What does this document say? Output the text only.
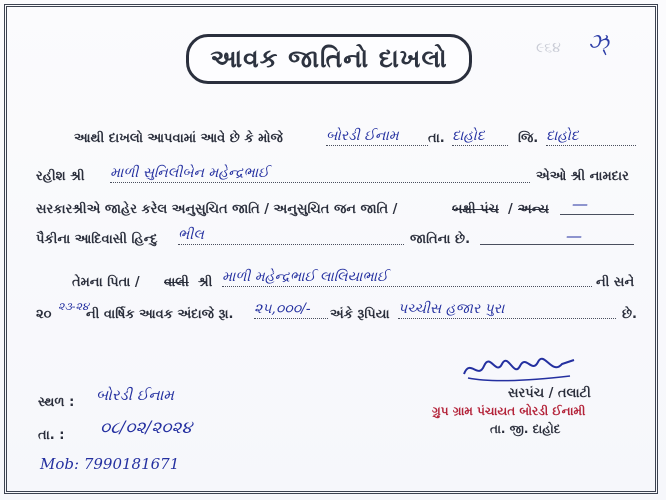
૯૬૪ ઝ્
આવક જાતિનો દાખલો
આથી દાખલો આપવામાં આવે છે કે મોજે	બોરડી ઈનામ	તા. દાહોદ	જિ. દાહોદ
રહીશ શ્રી માળી સુનિલીબેન મહેન્દ્રભાઈ	એઓ શ્રી નામદાર
સરકારશ્રીએ જાહેર કરેલ અનુસુચિત જાતિ / અનુસુચિત જન જાતિ /	બક્ષી પંચ / અન્ય —
પૈકીના આદિવાસી હિન્દુ ભીલ	જાતિના છે.	—
તેમના પિતા / વાલી શ્રી માળી મહેન્દ્રભાઈ લાલિયાભાઈ	ની સને
૨૦
૨૩-૨૪
ની વાર્ષિક આવક અંદાજે રૂા. ૨૫,૦૦૦/-	અંકે રૂપિયા પચ્ચીસ હજાર પુરા	છે.
સ્થળ : બોરડી ઈનામ
તા. : ૦૮/૦૨/૨૦૨૪
Mob: 7990181671
સરપંચ / તલાટી
ગ્રુપ ગ્રામ પંચાયત બોરડી ઈનામી
તા. જી. દાહોદ
